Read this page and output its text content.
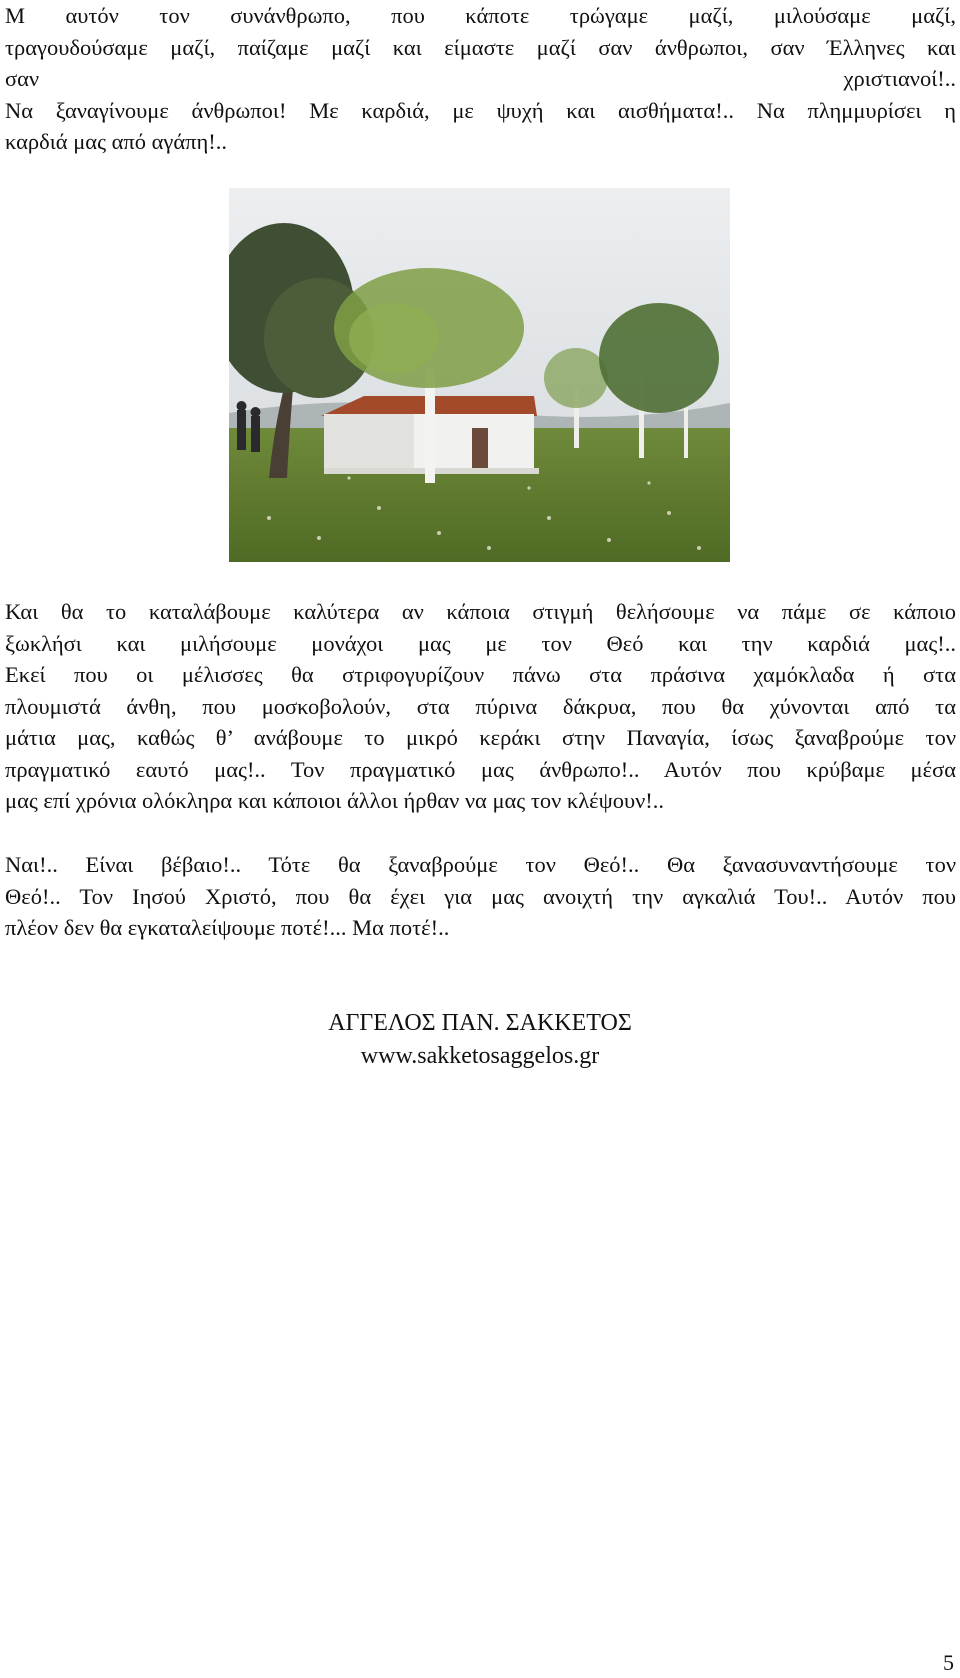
Μ αυτόν τον συνάνθρωπο, που κάποτε τρώγαμε μαζί, μιλούσαμε μαζί,
τραγουδούσαμε μαζί, παίζαμε μαζί και είμαστε μαζί σαν άνθρωποι, σαν Έλληνες και
σαν χριστιανοί!..
Να ξαναγίνουμε άνθρωποι! Με καρδιά, με ψυχή και αισθήματα!.. Να πλημμυρίσει η
καρδιά μας από αγάπη!..

Και θα το καταλάβουμε καλύτερα αν κάποια στιγμή θελήσουμε να πάμε σε κάποιο
ξωκλήσι και μιλήσουμε μονάχοι μας με τον Θεό και την καρδιά μας!..
Εκεί που οι μέλισσες θα στριφογυρίζουν πάνω στα πράσινα χαμόκλαδα ή στα
πλουμιστά άνθη, που μοσκοβολούν, στα πύρινα δάκρυα, που θα χύνονται από τα
μάτια μας, καθώς θ’ ανάβουμε το μικρό κεράκι στην Παναγία, ίσως ξαναβρούμε τον
πραγματικό εαυτό μας!.. Τον πραγματικό μας άνθρωπο!.. Αυτόν που κρύβαμε μέσα
μας επί χρόνια ολόκληρα και κάποιοι άλλοι ήρθαν να μας τον κλέψουν!..

Ναι!.. Είναι βέβαιο!.. Τότε θα ξαναβρούμε τον Θεό!.. Θα ξανασυναντήσουμε τον
Θεό!.. Τον Ιησού Χριστό, που θα έχει για μας ανοιχτή την αγκαλιά Του!.. Αυτόν που
πλέον δεν θα εγκαταλείψουμε ποτέ!... Μα ποτέ!..

ΑΓΓΕΛΟΣ ΠΑΝ. ΣΑΚΚΕΤΟΣ
www.sakketosaggelos.gr
5
